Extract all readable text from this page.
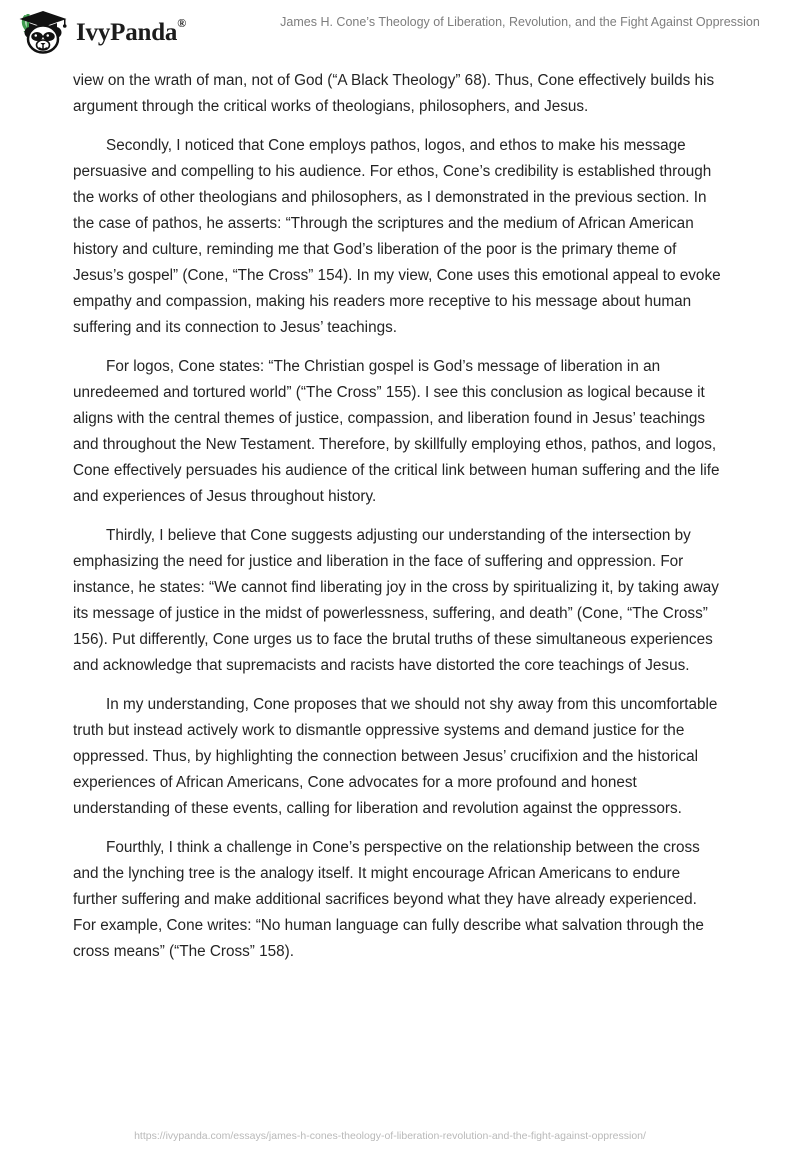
IvyPanda®	James H. Cone’s Theology of Liberation, Revolution, and the Fight Against Oppression

view on the wrath of man, not of God (“A Black Theology” 68). Thus, Cone effectively builds his argument through the critical works of theologians, philosophers, and Jesus.

Secondly, I noticed that Cone employs pathos, logos, and ethos to make his message persuasive and compelling to his audience. For ethos, Cone’s credibility is established through the works of other theologians and philosophers, as I demonstrated in the previous section. In the case of pathos, he asserts: “Through the scriptures and the medium of African American history and culture, reminding me that God’s liberation of the poor is the primary theme of Jesus’s gospel” (Cone, “The Cross” 154). In my view, Cone uses this emotional appeal to evoke empathy and compassion, making his readers more receptive to his message about human suffering and its connection to Jesus’ teachings.

For logos, Cone states: “The Christian gospel is God’s message of liberation in an unredeemed and tortured world” (“The Cross” 155). I see this conclusion as logical because it aligns with the central themes of justice, compassion, and liberation found in Jesus’ teachings and throughout the New Testament. Therefore, by skillfully employing ethos, pathos, and logos, Cone effectively persuades his audience of the critical link between human suffering and the life and experiences of Jesus throughout history.

Thirdly, I believe that Cone suggests adjusting our understanding of the intersection by emphasizing the need for justice and liberation in the face of suffering and oppression. For instance, he states: “We cannot find liberating joy in the cross by spiritualizing it, by taking away its message of justice in the midst of powerlessness, suffering, and death” (Cone, “The Cross” 156). Put differently, Cone urges us to face the brutal truths of these simultaneous experiences and acknowledge that supremacists and racists have distorted the core teachings of Jesus.

In my understanding, Cone proposes that we should not shy away from this uncomfortable truth but instead actively work to dismantle oppressive systems and demand justice for the oppressed. Thus, by highlighting the connection between Jesus’ crucifixion and the historical experiences of African Americans, Cone advocates for a more profound and honest understanding of these events, calling for liberation and revolution against the oppressors.

Fourthly, I think a challenge in Cone’s perspective on the relationship between the cross and the lynching tree is the analogy itself. It might encourage African Americans to endure further suffering and make additional sacrifices beyond what they have already experienced. For example, Cone writes: “No human language can fully describe what salvation through the cross means” (“The Cross” 158).

https://ivypanda.com/essays/james-h-cones-theology-of-liberation-revolution-and-the-fight-against-oppression/
